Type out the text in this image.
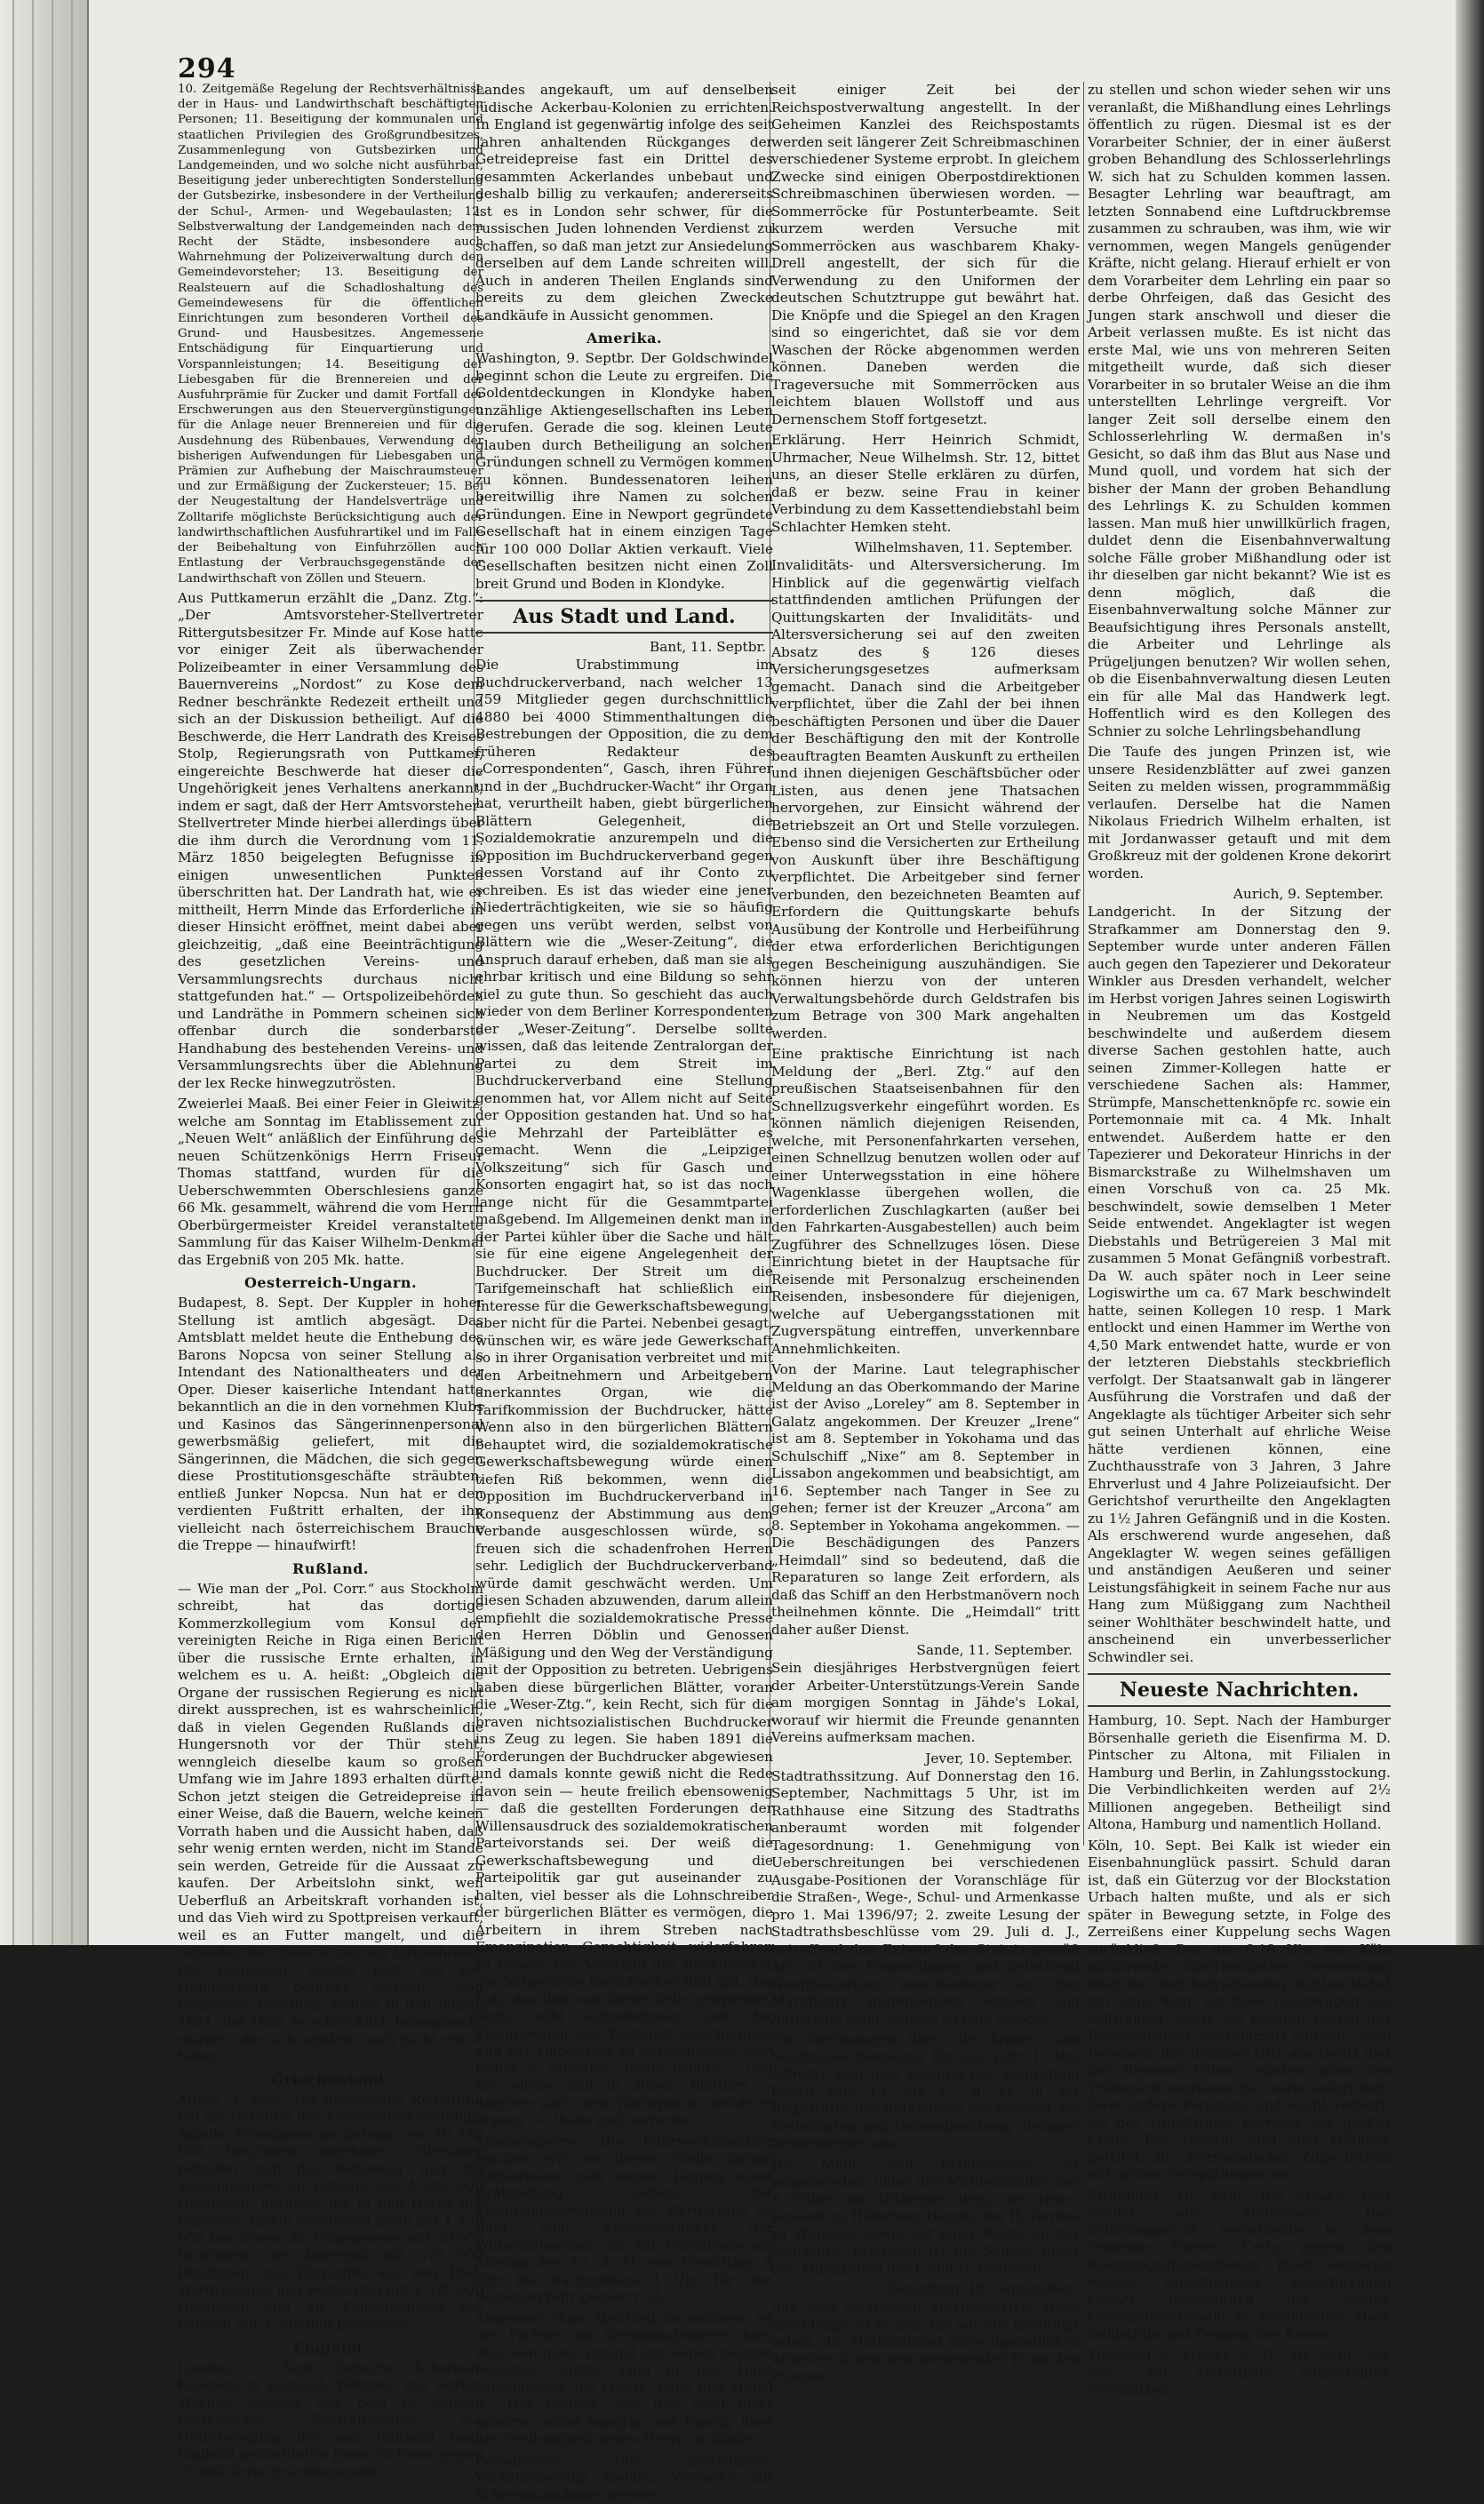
294

10. Zeitgemäße Regelung der Rechtsverhältnisse der in Haus- und Landwirthschaft beschäftigten Personen; 11. Beseitigung der kommunalen und staatlichen Privilegien des Großgrundbesitzes, Zusammenlegung von Gutsbezirken und Landgemeinden, und wo solche nicht ausführbar, Beseitigung jeder unberechtigten Sonderstellung der Gutsbezirke, insbesondere in der Vertheilung der Schul-, Armen- und Wegebaulasten; 12. Selbstverwaltung der Landgemeinden nach dem Recht der Städte, insbesondere auch Wahrnehmung der Polizeiverwaltung durch den Gemeindevorsteher; 13. Beseitigung der Realsteuern auf die Schadloshaltung des Gemeindewesens für die öffentlichen Einrichtungen zum besonderen Vortheil des Grund- und Hausbesitzes. Angemessene Entschädigung für Einquartierung und Vorspannleistungen; 14. Beseitigung der Liebesgaben für die Brennereien und der Ausfuhrprämie für Zucker und damit Fortfall der Erschwerungen aus den Steuervergünstigungen für die Anlage neuer Brennereien und für die Ausdehnung des Rübenbaues, Verwendung der bisherigen Aufwendungen für Liebesgaben und Prämien zur Aufhebung der Maischraumsteuer und zur Ermäßigung der Zuckersteuer; 15. Bei der Neugestaltung der Handelsverträge und Zolltarife möglichste Berücksichtigung auch der landwirthschaftlichen Ausfuhrartikel und im Falle der Beibehaltung von Einfuhrzöllen auch Entlastung der Verbrauchsgegenstände der Landwirthschaft von Zöllen und Steuern.

Aus Puttkamerun erzählt die „Danz. Ztg.“: „Der Amtsvorsteher-Stellvertreter Rittergutsbesitzer Fr. Minde auf Kose hatte vor einiger Zeit als überwachender Polizeibeamter in einer Versammlung des Bauernvereins „Nordost“ zu Kose dem Redner beschränkte Redezeit ertheilt und sich an der Diskussion betheiligt. Auf die Beschwerde, die Herr Landrath des Kreises Stolp, Regierungsrath von Puttkamer, eingereichte Beschwerde hat dieser die Ungehörigkeit jenes Verhaltens anerkannt, indem er sagt, daß der Herr Amtsvorsteher-Stellvertreter Minde hierbei allerdings über die ihm durch die Verordnung vom 11. März 1850 beigelegten Befugnisse in einigen unwesentlichen Punkten überschritten hat. Der Landrath hat, wie er mittheilt, Herrn Minde das Erforderliche in dieser Hinsicht eröffnet, meint dabei aber gleichzeitig, „daß eine Beeinträchtigung des gesetzlichen Vereins- und Versammlungsrechts durchaus nicht stattgefunden hat.“ — Ortspolizeibehörden und Landräthe in Pommern scheinen sich offenbar durch die sonderbarste Handhabung des bestehenden Vereins- und Versammlungsrechts über die Ablehnung der lex Recke hinwegzutrösten.

Zweierlei Maaß. Bei einer Feier in Gleiwitz, welche am Sonntag im Etablissement zur „Neuen Welt“ anläßlich der Einführung des neuen Schützenkönigs Herrn Friseur Thomas stattfand, wurden für die Ueberschwemmten Oberschlesiens ganze 66 Mk. gesammelt, während die vom Herrn Oberbürgermeister Kreidel veranstaltete Sammlung für das Kaiser Wilhelm-Denkmal das Ergebniß von 205 Mk. hatte.

Oesterreich-Ungarn.

Budapest, 8. Sept. Der Kuppler in hoher Stellung ist amtlich abgesägt. Das Amtsblatt meldet heute die Enthebung des Barons Nopcsa von seiner Stellung als Intendant des Nationaltheaters und der Oper. Dieser kaiserliche Intendant hatte bekanntlich an die in den vornehmen Klubs und Kasinos das Sängerinnenpersonal gewerbsmäßig geliefert, mit die Sängerinnen, die Mädchen, die sich gegen diese Prostitutionsgeschäfte sträubten, entließ Junker Nopcsa. Nun hat er den verdienten Fußtritt erhalten, der ihn vielleicht nach österreichischem Brauche die Treppe — hinaufwirft!

Rußland.

— Wie man der „Pol. Corr.“ aus Stockholm schreibt, hat das dortige Kommerzkollegium vom Konsul der vereinigten Reiche in Riga einen Bericht über die russische Ernte erhalten, in welchem es u. A. heißt: „Obgleich die Organe der russischen Regierung es nicht direkt aussprechen, ist es wahrscheinlich, daß in vielen Gegenden Rußlands die Hungersnoth vor der Thür steht, wenngleich dieselbe kaum so großen Umfang wie im Jahre 1893 erhalten dürfte. Schon jetzt steigen die Getreidepreise in einer Weise, daß die Bauern, welche keinen Vorrath haben und die Aussicht haben, daß sehr wenig ernten werden, nicht im Stande sein werden, Getreide für die Aussaat zu kaufen. Der Arbeitslohn sinkt, weil Ueberfluß an Arbeitskraft vorhanden ist, und das Vieh wird zu Spottpreisen verkauft, weil es an Futter mangelt, und die Schulden der Bauern machen fortwährend. Die Gegenden, welche jetzt von der Hungersnoth bedroht werden, sind theilweise dieselben, welche in den Jahren 1891 und 1892 so schrecklich heimgesucht wurden, die sich seitdem noch nicht erholt haben.“

Griechenland.

Athen, 9. Sept. Die griechische Regierung hat als Garantie der Kriegsentschädigungs-Anleihe Einnahmen im Betrage von 10 240 000 Drachmen angeboten. Hierunter befinden sich die Rohsteuer und die Zolleinnahmen im Betrage von 4 526 000 Drachmen, darunter die in den Häfen der Jonischen Inseln erhobenen Zölle mit 1 720 000 Drachmen, die Feigensteuer mit 50 000 Drachmen, der Ankerzoll mit 573 000 Drachmen, die Einkünfte aus den Post-Werthzeichen und Postkarten mit 1 570 000 Drachmen und die Zolleinnahmen aus Laurion mit 1 392 000 Drachmen.

England.

London, 9. Sept. Indische Ackerbau-Kolonien in England. Während der letzten Wochen wurden von dem in London bestehenden Zentralkomitee zur Unterbringung der aus Rußland nach England geflüchteten Juden in Essex gegen 25 000 Acres brachliegenden

Landes angekauft, um auf denselben jüdische Ackerbau-Kolonien zu errichten. In England ist gegenwärtig infolge des seit Jahren anhaltenden Rückganges der Getreidepreise fast ein Drittel des gesammten Ackerlandes unbebaut und deshalb billig zu verkaufen; andererseits ist es in London sehr schwer, für die russischen Juden lohnenden Verdienst zu schaffen, so daß man jetzt zur Ansiedelung derselben auf dem Lande schreiten will. Auch in anderen Theilen Englands sind bereits zu dem gleichen Zwecke Landkäufe in Aussicht genommen.

Amerika.

Washington, 9. Septbr. Der Goldschwindel beginnt schon die Leute zu ergreifen. Die Goldentdeckungen in Klondyke haben unzählige Aktiengesellschaften ins Leben gerufen. Gerade die sog. kleinen Leute glauben durch Betheiligung an solchen Gründungen schnell zu Vermögen kommen zu können. Bundessenatoren leihen bereitwillig ihre Namen zu solchen Gründungen. Eine in Newport gegründete Gesellschaft hat in einem einzigen Tage für 100 000 Dollar Aktien verkauft. Viele Gesellschaften besitzen nicht einen Zoll breit Grund und Boden in Klondyke.

Aus Stadt und Land.
Bant, 11. Septbr.

Die Urabstimmung im Buchdruckerverband, nach welcher 13 759 Mitglieder gegen durchschnittlich 4880 bei 4000 Stimmenthaltungen die Bestrebungen der Opposition, die zu dem früheren Redakteur des „Correspondenten“, Gasch, ihren Führer und in der „Buchdrucker-Wacht“ ihr Organ hat, verurtheilt haben, giebt bürgerlichen Blättern Gelegenheit, die Sozialdemokratie anzurempeln und die Opposition im Buchdruckerverband gegen dessen Vorstand auf ihr Conto zu schreiben. Es ist das wieder eine jener Niederträchtigkeiten, wie sie so häufig gegen uns verübt werden, selbst von Blättern wie die „Weser-Zeitung“, die Anspruch darauf erheben, daß man sie als ehrbar kritisch und eine Bildung so sehr viel zu gute thun. So geschieht das auch wieder von dem Berliner Korrespondenten der „Weser-Zeitung“. Derselbe sollte wissen, daß das leitende Zentralorgan der Partei zu dem Streit im Buchdruckerverband eine Stellung genommen hat, vor Allem nicht auf Seite der Opposition gestanden hat. Und so hat die Mehrzahl der Parteiblätter es gemacht. Wenn die „Leipziger Volkszeitung“ sich für Gasch und Konsorten engagirt hat, so ist das noch lange nicht für die Gesammtpartei maßgebend. Im Allgemeinen denkt man in der Partei kühler über die Sache und hält sie für eine eigene Angelegenheit der Buchdrucker. Der Streit um die Tarifgemeinschaft hat schließlich ein Interesse für die Gewerkschaftsbewegung, aber nicht für die Partei. Nebenbei gesagt, wünschen wir, es wäre jede Gewerkschaft so in ihrer Organisation verbreitet und mit den Arbeitnehmern und Arbeitgebern anerkanntes Organ, wie die Tarifkommission der Buchdrucker, hätte Wenn also in den bürgerlichen Blättern behauptet wird, die sozialdemokratische Gewerkschaftsbewegung würde einen tiefen Riß bekommen, wenn die Opposition im Buchdruckerverband in Konsequenz der Abstimmung aus dem Verbande ausgeschlossen würde, so freuen sich die schadenfrohen Herren sehr. Lediglich der Buchdruckerverband würde damit geschwächt werden. Um diesen Schaden abzuwenden, darum allein empfiehlt die sozialdemokratische Presse den Herren Döblin und Genossen Mäßigung und den Weg der Verständigung mit der Opposition zu betreten. Uebrigens haben diese bürgerlichen Blätter, voran die „Weser-Ztg.“, kein Recht, sich für die braven nichtsozialistischen Buchdrucker ins Zeug zu legen. Sie haben 1891 die Forderungen der Buchdrucker abgewiesen und damals konnte gewiß nicht die Rede davon sein — heute freilich ebensowenig — daß die gestellten Forderungen der Willensausdruck des sozialdemokratischen Parteivorstands sei. Der weiß die Gewerkschaftsbewegung und die Parteipolitik gar gut auseinander zu halten, viel besser als die Lohnschreiber der bürgerlichen Blätter es vermögen, die Arbeitern in ihrem Streben nach Emanzipation Gerechtigkeit widerfahren zu lassen. Der Vorstand des Buchdrucker der bürgerliche Buchdrucker thut gut, das Lob, das ihm von dieser Seite gespendet, recht kühl aufzunehmen und der Ermunterung, das Tischtuch zwischen ihm und der Opposition zu zerschneiden, kein Gehör zu schenken, denn: Feinde — und für solche sind in diesen Blättern — operiren nach dem Wahlspruch „divide et impera“ — theile und herrsche.

Straßensperre. Die Fuhrwerksbesitzer machen wir an dieser Stelle darauf aufmerksam, daß wegen Legung einer Drahtleitung seitens der Eisenbahnverwaltung die Werftstraße zu Bant vom Kreuzungspunkt der Wilhelmshavener- bis zur Nordstraße am Montag den 13. d. M. von Vormittags 8 Uhr bis Nachmittags 4 Uhr für den Wagenverkehr gesperrt ist.

Abgereist ohne Abschied zu nehmen, ist der Pächter der Germaniabrauerei hier. Was sein guter Freund ihn wegen morgen besuchen wollte, fand er das Haus verschlossen, die Pferde, Kühe und Möbel rc. Das Rößlein, das ihm wohl nicht gehörte, stand hungrig und traurig über die Treulosigkeit seines Herrn im Stalle.

Postalisches. Die postoffiziöse Verkehrszeitung meldet: Versuche mit Schreibmaschinen werden

seit einiger Zeit bei der Reichspostverwaltung angestellt. In der Geheimen Kanzlei des Reichspostamts werden seit längerer Zeit Schreibmaschinen verschiedener Systeme erprobt. In gleichem Zwecke sind einigen Oberpostdirektionen Schreibmaschinen überwiesen worden. — Sommerröcke für Postunterbeamte. Seit kurzem werden Versuche mit Sommerröcken aus waschbarem Khaky-Drell angestellt, der sich für die Verwendung zu den Uniformen der deutschen Schutztruppe gut bewährt hat. Die Knöpfe und die Spiegel an den Kragen sind so eingerichtet, daß sie vor dem Waschen der Röcke abgenommen werden können. Daneben werden die Trageversuche mit Sommerröcken aus leichtem blauen Wollstoff und aus Dernenschem Stoff fortgesetzt.

Erklärung. Herr Heinrich Schmidt, Uhrmacher, Neue Wilhelmsh. Str. 12, bittet uns, an dieser Stelle erklären zu dürfen, daß er bezw. seine Frau in keiner Verbindung zu dem Kassettendiebstahl beim Schlachter Hemken steht.

Wilhelmshaven, 11. September.

Invaliditäts- und Altersversicherung. Im Hinblick auf die gegenwärtig vielfach stattfindenden amtlichen Prüfungen der Quittungskarten der Invaliditäts- und Altersversicherung sei auf den zweiten Absatz des § 126 dieses Versicherungsgesetzes aufmerksam gemacht. Danach sind die Arbeitgeber verpflichtet, über die Zahl der bei ihnen beschäftigten Personen und über die Dauer der Beschäftigung den mit der Kontrolle beauftragten Beamten Auskunft zu ertheilen und ihnen diejenigen Geschäftsbücher oder Listen, aus denen jene Thatsachen hervorgehen, zur Einsicht während der Betriebszeit an Ort und Stelle vorzulegen. Ebenso sind die Versicherten zur Ertheilung von Auskunft über ihre Beschäftigung verpflichtet. Die Arbeitgeber sind ferner verbunden, den bezeichneten Beamten auf Erfordern die Quittungskarte behufs Ausübung der Kontrolle und Herbeiführung der etwa erforderlichen Berichtigungen gegen Bescheinigung auszuhändigen. Sie können hierzu von der unteren Verwaltungsbehörde durch Geldstrafen bis zum Betrage von 300 Mark angehalten werden.

Eine praktische Einrichtung ist nach Meldung der „Berl. Ztg.“ auf den preußischen Staatseisenbahnen für den Schnellzugsverkehr eingeführt worden. Es können nämlich diejenigen Reisenden, welche, mit Personenfahrkarten versehen, einen Schnellzug benutzen wollen oder auf einer Unterwegsstation in eine höhere Wagenklasse übergehen wollen, die erforderlichen Zuschlagkarten (außer bei den Fahrkarten-Ausgabestellen) auch beim Zugführer des Schnellzuges lösen. Diese Einrichtung bietet in der Hauptsache für Reisende mit Personalzug erscheinenden Reisenden, insbesondere für diejenigen, welche auf Uebergangsstationen mit Zugverspätung eintreffen, unverkennbare Annehmlichkeiten.

Von der Marine. Laut telegraphischer Meldung an das Oberkommando der Marine ist der Aviso „Loreley“ am 8. September in Galatz angekommen. Der Kreuzer „Irene“ ist am 8. September in Yokohama und das Schulschiff „Nixe“ am 8. September in Lissabon angekommen und beabsichtigt, am 16. September nach Tanger in See zu gehen; ferner ist der Kreuzer „Arcona“ am 8. September in Yokohama angekommen. — Die Beschädigungen des Panzers „Heimdall“ sind so bedeutend, daß die Reparaturen so lange Zeit erfordern, als daß das Schiff an den Herbstmanövern noch theilnehmen könnte. Die „Heimdall“ tritt daher außer Dienst.

Sande, 11. September.

Sein diesjähriges Herbstvergnügen feiert der Arbeiter-Unterstützungs-Verein Sande am morgigen Sonntag in Jähde's Lokal, worauf wir hiermit die Freunde genannten Vereins aufmerksam machen.

Jever, 10. September.

Stadtrathssitzung. Auf Donnerstag den 16. September, Nachmittags 5 Uhr, ist im Rathhause eine Sitzung des Stadtraths anberaumt worden mit folgender Tagesordnung: 1. Genehmigung von Ueberschreitungen bei verschiedenen Ausgabe-Positionen der Voranschläge für die Straßen-, Wege-, Schul- und Armenkasse pro 1. Mai 1396/97; 2. zweite Lesung der Stadtrathsbeschlüsse vom 29. Juli d. J., betreffend den Entwurf des Statuts gemäß Art. 31 der Wegeordnung und betreffend Neupflasterung verschiedener an den Marktplatz angrenzenden Straßen und Aufnahme einer Anleihe zu dem Zwecke.

Die Rechnungen über die Armen- und Stadtkasse hierselbst für das Jahr 1. Mai 1896/97 sind dem Resultat der Vorprüfung liegen vom 13. bis 27. d. M. in der Registratur des Rathhauses zur Einsicht der Betheiligten und Geltendmachung etwaiger Bemerkungen aus.

Die Maul- und Klauenseuche ist ausgebrochen unter den Viehbeständen des P. Wilms am Ottberger Weg, des Heinr. Janssen im Hillernser Hamm, des H. Gerdes zu Wiarden, sowie auf einer Weide an der Schlachte. Erloschen ist die Seuche unter den Milchkühen der J. und D. Feilmann.

Oldenburg, 10. September.

Aus dem staatlichen Musterbetrieb. Noch nicht lange ist es her, daß wir uns genöthigt sahen, die Mißhandlung eines jugendlichen Arbeiters durch den Werkmeister B. an den Pranger

zu stellen und schon wieder sehen wir uns veranlaßt, die Mißhandlung eines Lehrlings öffentlich zu rügen. Diesmal ist es der Vorarbeiter Schnier, der in einer äußerst groben Behandlung des Schlosserlehrlings W. sich hat zu Schulden kommen lassen. Besagter Lehrling war beauftragt, am letzten Sonnabend eine Luftdruckbremse zusammen zu schrauben, was ihm, wie wir vernommen, wegen Mangels genügender Kräfte, nicht gelang. Hierauf erhielt er von dem Vorarbeiter dem Lehrling ein paar so derbe Ohrfeigen, daß das Gesicht des Jungen stark anschwoll und dieser die Arbeit verlassen mußte. Es ist nicht das erste Mal, wie uns von mehreren Seiten mitgetheilt wurde, daß sich dieser Vorarbeiter in so brutaler Weise an die ihm unterstellten Lehrlinge vergreift. Vor langer Zeit soll derselbe einem den Schlosserlehrling W. dermaßen in's Gesicht, so daß ihm das Blut aus Nase und Mund quoll, und vordem hat sich der bisher der Mann der groben Behandlung des Lehrlings K. zu Schulden kommen lassen. Man muß hier unwillkürlich fragen, duldet denn die Eisenbahnverwaltung solche Fälle grober Mißhandlung oder ist ihr dieselben gar nicht bekannt? Wie ist es denn möglich, daß die Eisenbahnverwaltung solche Männer zur Beaufsichtigung ihres Personals anstellt, die Arbeiter und Lehrlinge als Prügeljungen benutzen? Wir wollen sehen, ob die Eisenbahnverwaltung diesen Leuten ein für alle Mal das Handwerk legt. Hoffentlich wird es den Kollegen des Schnier zu solche Lehrlingsbehandlung

Die Taufe des jungen Prinzen ist, wie unsere Residenzblätter auf zwei ganzen Seiten zu melden wissen, programmmäßig verlaufen. Derselbe hat die Namen Nikolaus Friedrich Wilhelm erhalten, ist mit Jordanwasser getauft und mit dem Großkreuz mit der goldenen Krone dekorirt worden.

Aurich, 9. September.

Landgericht. In der Sitzung der Strafkammer am Donnerstag den 9. September wurde unter anderen Fällen auch gegen den Tapezierer und Dekorateur Winkler aus Dresden verhandelt, welcher im Herbst vorigen Jahres seinen Logiswirth in Neubremen um das Kostgeld beschwindelte und außerdem diesem diverse Sachen gestohlen hatte, auch seinen Zimmer-Kollegen hatte er verschiedene Sachen als: Hammer, Strümpfe, Manschettenknöpfe rc. sowie ein Portemonnaie mit ca. 4 Mk. Inhalt entwendet. Außerdem hatte er den Tapezierer und Dekorateur Hinrichs in der Bismarckstraße zu Wilhelmshaven um einen Vorschuß von ca. 25 Mk. beschwindelt, sowie demselben 1 Meter Seide entwendet. Angeklagter ist wegen Diebstahls und Betrügereien 3 Mal mit zusammen 5 Monat Gefängniß vorbestraft. Da W. auch später noch in Leer seine Logiswirthe um ca. 67 Mark beschwindelt hatte, seinen Kollegen 10 resp. 1 Mark entlockt und einen Hammer im Werthe von 4,50 Mark entwendet hatte, wurde er von der letzteren Diebstahls steckbrieflich verfolgt. Der Staatsanwalt gab in längerer Ausführung die Vorstrafen und daß der Angeklagte als tüchtiger Arbeiter sich sehr gut seinen Unterhalt auf ehrliche Weise hätte verdienen können, eine Zuchthausstrafe von 3 Jahren, 3 Jahre Ehrverlust und 4 Jahre Polizeiaufsicht. Der Gerichtshof verurtheilte den Angeklagten zu 1½ Jahren Gefängniß und in die Kosten. Als erschwerend wurde angesehen, daß Angeklagter W. wegen seines gefälligen und anständigen Aeußeren und seiner Leistungsfähigkeit in seinem Fache nur aus Hang zum Müßiggang zum Nachtheil seiner Wohlthäter beschwindelt hatte, und anscheinend ein unverbesserlicher Schwindler sei.

Neueste Nachrichten.

Hamburg, 10. Sept. Nach der Hamburger Börsenhalle gerieth die Eisenfirma M. D. Pintscher zu Altona, mit Filialen in Hamburg und Berlin, in Zahlungsstockung. Die Verbindlichkeiten werden auf 2½ Millionen angegeben. Betheiligt sind Altona, Hamburg und namentlich Holland.

Köln, 10. Sept. Bei Kalk ist wieder ein Eisenbahnunglück passirt. Schuld daran ist, daß ein Güterzug vor der Blockstation Urbach halten mußte, und als er sich später in Bewegung setzte, in Folge des Zerreißens einer Kuppelung sechs Wagen zurückließ. Der um 6,18 Uhr von Köln abfahrende oberrheinische Personenzug blieb bei dem herrschenden dichten Nebel mit voller Kraft auf diese Güterwagen, die vollständig, sowie die meisten Wagen des Personenzuges zertrümmert wurden. Zwei Personen, der Bremser Otto aus Deutz und der Bremser Otten, wurden unter den Trümmern begraben. Sie waren sofort todt. Zwei andere Personen sind leicht verletzt. An der Unfallstätte herrscht ein großes Chaos. Der Verkehr wird über Mülheim geleitet, die oberrheinischen Züge treffen mit großen Verspätungen ein.

Straßburg, 10. Sept. Die Straßb. Post meldet aus Mülhausen: Das Schöffengericht verurtheilte in dem Prozesse Pfarrer Cetty gegen den Reichstagsabgeordneten Bueb letzteren wegen verschiedener Beleidigungen Cetty's gelegentlich der letzten Gemeinderathswahl zu zweihundert Mark Geldstrafe und Tragung der Kosten.

Zielenzig b. Frankf. a. O., 10. Sept. Von dem am Marktplatz aufgestellten Geschützen
